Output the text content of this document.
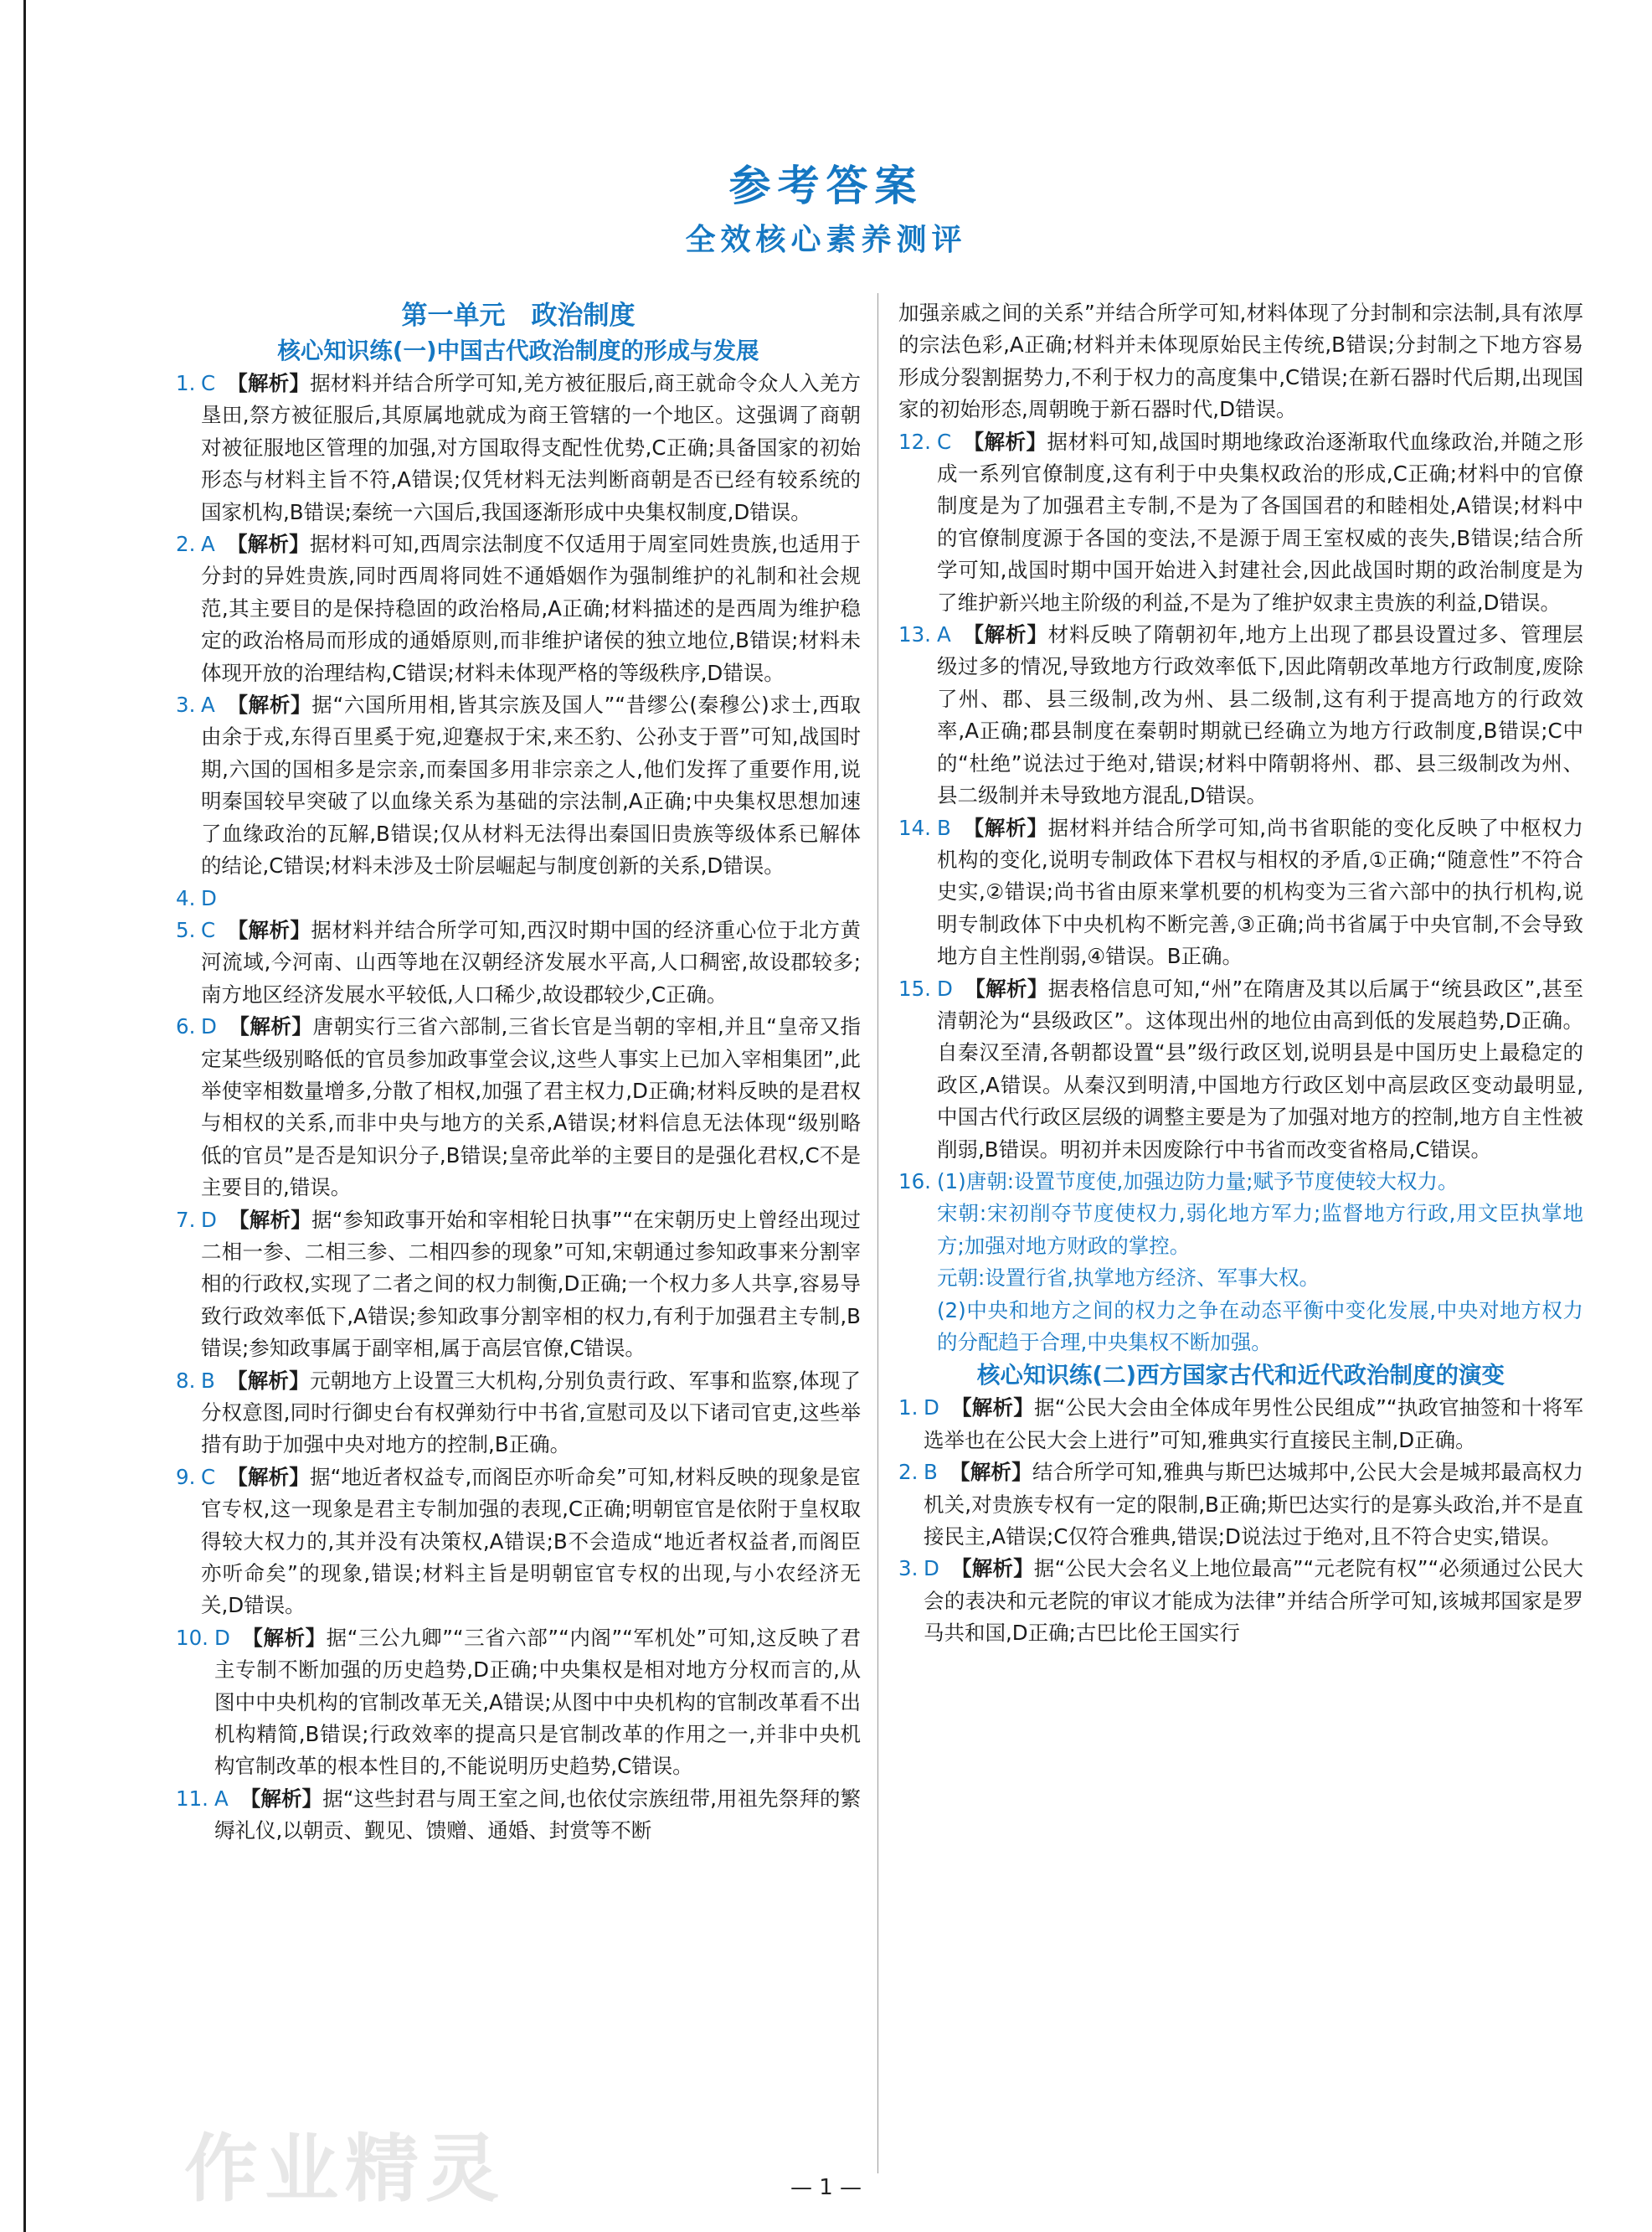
参考答案
全效核心素养测评
第一单元　政治制度
核心知识练(一)中国古代政治制度的形成与发展

1. C 【解析】据材料并结合所学可知,羌方被征服后,商王就命令众人入羌方垦田,祭方被征服后,其原属地就成为商王管辖的一个地区。这强调了商朝对被征服地区管理的加强,对方国取得支配性优势,C正确;具备国家的初始形态与材料主旨不符,A错误;仅凭材料无法判断商朝是否已经有较系统的国家机构,B错误;秦统一六国后,我国逐渐形成中央集权制度,D错误。

2. A 【解析】据材料可知,西周宗法制度不仅适用于周室同姓贵族,也适用于分封的异姓贵族,同时西周将同姓不通婚姻作为强制维护的礼制和社会规范,其主要目的是保持稳固的政治格局,A正确;材料描述的是西周为维护稳定的政治格局而形成的通婚原则,而非维护诸侯的独立地位,B错误;材料未体现开放的治理结构,C错误;材料未体现严格的等级秩序,D错误。

3. A 【解析】据“六国所用相,皆其宗族及国人”“昔缪公(秦穆公)求士,西取由余于戎,东得百里奚于宛,迎蹇叔于宋,来丕豹、公孙支于晋”可知,战国时期,六国的国相多是宗亲,而秦国多用非宗亲之人,他们发挥了重要作用,说明秦国较早突破了以血缘关系为基础的宗法制,A正确;中央集权思想加速了血缘政治的瓦解,B错误;仅从材料无法得出秦国旧贵族等级体系已解体的结论,C错误;材料未涉及士阶层崛起与制度创新的关系,D错误。

4. D

5. C 【解析】据材料并结合所学可知,西汉时期中国的经济重心位于北方黄河流域,今河南、山西等地在汉朝经济发展水平高,人口稠密,故设郡较多;南方地区经济发展水平较低,人口稀少,故设郡较少,C正确。

6. D 【解析】唐朝实行三省六部制,三省长官是当朝的宰相,并且“皇帝又指定某些级别略低的官员参加政事堂会议,这些人事实上已加入宰相集团”,此举使宰相数量增多,分散了相权,加强了君主权力,D正确;材料反映的是君权与相权的关系,而非中央与地方的关系,A错误;材料信息无法体现“级别略低的官员”是否是知识分子,B错误;皇帝此举的主要目的是强化君权,C不是主要目的,错误。

7. D 【解析】据“参知政事开始和宰相轮日执事”“在宋朝历史上曾经出现过二相一参、二相三参、二相四参的现象”可知,宋朝通过参知政事来分割宰相的行政权,实现了二者之间的权力制衡,D正确;一个权力多人共享,容易导致行政效率低下,A错误;参知政事分割宰相的权力,有利于加强君主专制,B错误;参知政事属于副宰相,属于高层官僚,C错误。

8. B 【解析】元朝地方上设置三大机构,分别负责行政、军事和监察,体现了分权意图,同时行御史台有权弹劾行中书省,宣慰司及以下诸司官吏,这些举措有助于加强中央对地方的控制,B正确。

9. C 【解析】据“地近者权益专,而阁臣亦听命矣”可知,材料反映的现象是宦官专权,这一现象是君主专制加强的表现,C正确;明朝宦官是依附于皇权取得较大权力的,其并没有决策权,A错误;B不会造成“地近者权益者,而阁臣亦听命矣”的现象,错误;材料主旨是明朝宦官专权的出现,与小农经济无关,D错误。

10. D 【解析】据“三公九卿”“三省六部”“内阁”“军机处”可知,这反映了君主专制不断加强的历史趋势,D正确;中央集权是相对地方分权而言的,从图中中央机构的官制改革无关,A错误;从图中中央机构的官制改革看不出机构精简,B错误;行政效率的提高只是官制改革的作用之一,并非中央机构官制改革的根本性目的,不能说明历史趋势,C错误。

11. A 【解析】据“这些封君与周王室之间,也依仗宗族纽带,用祖先祭拜的繁缛礼仪,以朝贡、觐见、馈赠、通婚、封赏等不断

加强亲戚之间的关系”并结合所学可知,材料体现了分封制和宗法制,具有浓厚的宗法色彩,A正确;材料并未体现原始民主传统,B错误;分封制之下地方容易形成分裂割据势力,不利于权力的高度集中,C错误;在新石器时代后期,出现国家的初始形态,周朝晚于新石器时代,D错误。

12. C 【解析】据材料可知,战国时期地缘政治逐渐取代血缘政治,并随之形成一系列官僚制度,这有利于中央集权政治的形成,C正确;材料中的官僚制度是为了加强君主专制,不是为了各国国君的和睦相处,A错误;材料中的官僚制度源于各国的变法,不是源于周王室权威的丧失,B错误;结合所学可知,战国时期中国开始进入封建社会,因此战国时期的政治制度是为了维护新兴地主阶级的利益,不是为了维护奴隶主贵族的利益,D错误。

13. A 【解析】材料反映了隋朝初年,地方上出现了郡县设置过多、管理层级过多的情况,导致地方行政效率低下,因此隋朝改革地方行政制度,废除了州、郡、县三级制,改为州、县二级制,这有利于提高地方的行政效率,A正确;郡县制度在秦朝时期就已经确立为地方行政制度,B错误;C中的“杜绝”说法过于绝对,错误;材料中隋朝将州、郡、县三级制改为州、县二级制并未导致地方混乱,D错误。

14. B 【解析】据材料并结合所学可知,尚书省职能的变化反映了中枢权力机构的变化,说明专制政体下君权与相权的矛盾,①正确;“随意性”不符合史实,②错误;尚书省由原来掌机要的机构变为三省六部中的执行机构,说明专制政体下中央机构不断完善,③正确;尚书省属于中央官制,不会导致地方自主性削弱,④错误。B正确。

15. D 【解析】据表格信息可知,“州”在隋唐及其以后属于“统县政区”,甚至清朝沦为“县级政区”。这体现出州的地位由高到低的发展趋势,D正确。自秦汉至清,各朝都设置“县”级行政区划,说明县是中国历史上最稳定的政区,A错误。从秦汉到明清,中国地方行政区划中高层政区变动最明显,中国古代行政区层级的调整主要是为了加强对地方的控制,地方自主性被削弱,B错误。明初并未因废除行中书省而改变省格局,C错误。

16. (1)唐朝:设置节度使,加强边防力量;赋予节度使较大权力。
宋朝:宋初削夺节度使权力,弱化地方军力;监督地方行政,用文臣执掌地方;加强对地方财政的掌控。
元朝:设置行省,执掌地方经济、军事大权。
(2)中央和地方之间的权力之争在动态平衡中变化发展,中央对地方权力的分配趋于合理,中央集权不断加强。
核心知识练(二)西方国家古代和近代政治制度的演变

1. D 【解析】据“公民大会由全体成年男性公民组成”“执政官抽签和十将军选举也在公民大会上进行”可知,雅典实行直接民主制,D正确。

2. B 【解析】结合所学可知,雅典与斯巴达城邦中,公民大会是城邦最高权力机关,对贵族专权有一定的限制,B正确;斯巴达实行的是寡头政治,并不是直接民主,A错误;C仅符合雅典,错误;D说法过于绝对,且不符合史实,错误。

3. D 【解析】据“公民大会名义上地位最高”“元老院有权”“必须通过公民大会的表决和元老院的审议才能成为法律”并结合所学可知,该城邦国家是罗马共和国,D正确;古巴比伦王国实行

作业精灵	— 1 —
